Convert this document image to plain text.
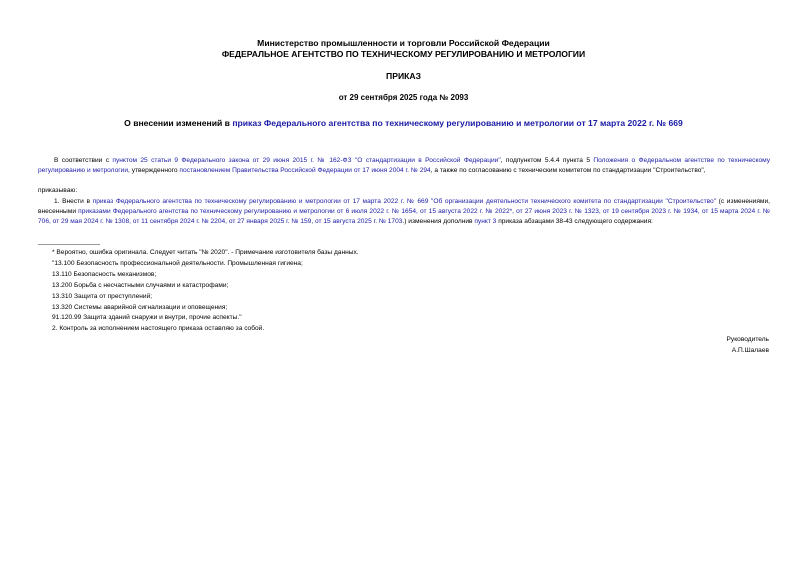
Министерство промышленности и торговли Российской Федерации
ФЕДЕРАЛЬНОЕ АГЕНТСТВО ПО ТЕХНИЧЕСКОМУ РЕГУЛИРОВАНИЮ И МЕТРОЛОГИИ
ПРИКАЗ
от 29 сентября 2025 года № 2093
О внесении изменений в приказ Федерального агентства по техническому регулированию и метрологии от 17 марта 2022 г. № 669
В соответствии с пунктом 25 статьи 9 Федерального закона от 29 июня 2015 г. № 162-ФЗ "О стандартизации в Российской Федерации", подпунктом 5.4.4 пункта 5 Положения о Федеральном агентстве по техническому регулированию и метрологии, утвержденного постановлением Правительства Российской Федерации от 17 июня 2004 г. № 294, а также по согласованию с техническим комитетом по стандартизации "Строительство",
приказываю:
1. Внести в приказ Федерального агентства по техническому регулированию и метрологии от 17 марта 2022 г. № 669 "Об организации деятельности технического комитета по стандартизации "Строительство" (с изменениями, внесенными приказами Федерального агентства по техническому регулированию и метрологии от 6 июля 2022 г. № 1654, от 15 августа 2022 г. № 2022*, от 27 июня 2023 г. № 1323, от 19 сентября 2023 г. № 1934, от 15 марта 2024 г. № 706, от 29 мая 2024 г. № 1308, от 11 сентября 2024 г. № 2204, от 27 января 2025 г. № 159, от 15 августа 2025 г. № 1703.) изменения дополнив пункт 3 приказа абзацами 38-43 следующего содержания:
* Вероятно, ошибка оригинала. Следует читать "№ 2020". - Примечание изготовителя базы данных.
"13.100 Безопасность профессиональной деятельности. Промышленная гигиена;
13.110 Безопасность механизмов;
13.200 Борьба с несчастными случаями и катастрофами;
13.310 Защита от преступлений;
13.320 Системы аварийной сигнализации и оповещения;
91.120.99 Защита зданий снаружи и внутри, прочие аспекты."
2. Контроль за исполнением настоящего приказа оставляю за собой.
Руководитель
А.П.Шалаев
